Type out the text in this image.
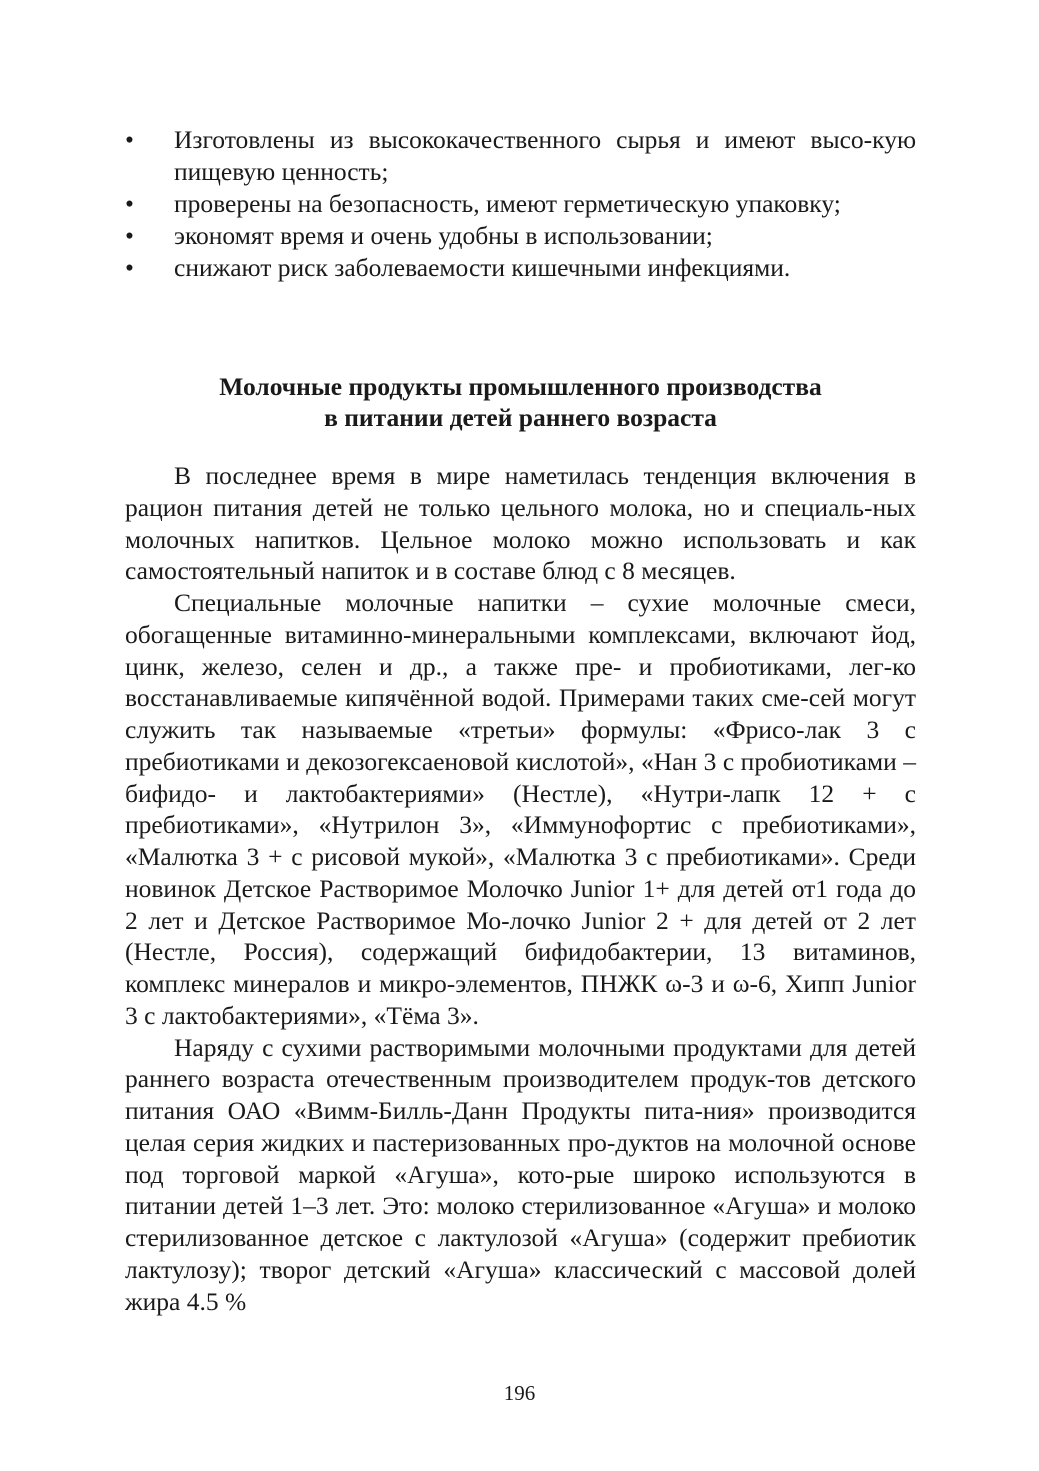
•	Изготовлены из высококачественного сырья и имеют высо-кую пищевую ценность;
•	проверены на безопасность, имеют герметическую упаковку;
•	экономят время и очень удобны в использовании;
•	снижают риск заболеваемости кишечными инфекциями.
Молочные продукты промышленного производства
в питании детей раннего возраста

В последнее время в мире наметилась тенденция включения в рацион питания детей не только цельного молока, но и специаль-ных молочных напитков. Цельное молоко можно использовать и как самостоятельный напиток и в составе блюд с 8 месяцев.

Специальные молочные напитки – сухие молочные смеси, обогащенные витаминно-минеральными комплексами, включают йод, цинк, железо, селен и др., а также пре- и пробиотиками, лег-ко восстанавливаемые кипячённой водой. Примерами таких сме-сей могут служить так называемые «третьи» формулы: «Фрисо-лак 3 с пребиотиками и декозогексаеновой кислотой», «Нан 3 с пробиотиками – бифидо- и лактобактериями» (Нестле), «Нутри-лапк 12 + с пребиотиками», «Нутрилон 3», «Иммунофортис с пребиотиками», «Малютка 3 + с рисовой мукой», «Малютка 3 с пребиотиками». Среди новинок Детское Растворимое Молочко Junior 1+ для детей от1 года до 2 лет и Детское Растворимое Мо-лочко Junior 2 + для детей от 2 лет (Нестле, Россия), содержащий бифидобактерии, 13 витаминов, комплекс минералов и микро-элементов, ПНЖК ω-3 и ω-6, Хипп Junior 3 с лактобактериями», «Тёма 3».

Наряду с сухими растворимыми молочными продуктами для детей раннего возраста отечественным производителем продук-тов детского питания ОАО «Вимм-Билль-Данн Продукты пита-ния» производится целая серия жидких и пастеризованных про-дуктов на молочной основе под торговой маркой «Агуша», кото-рые широко используются в питании детей 1–3 лет. Это: молоко стерилизованное «Агуша» и молоко стерилизованное детское с лактулозой «Агуша» (содержит пребиотик лактулозу); творог детский «Агуша» классический с массовой долей жира 4.5 %

196
